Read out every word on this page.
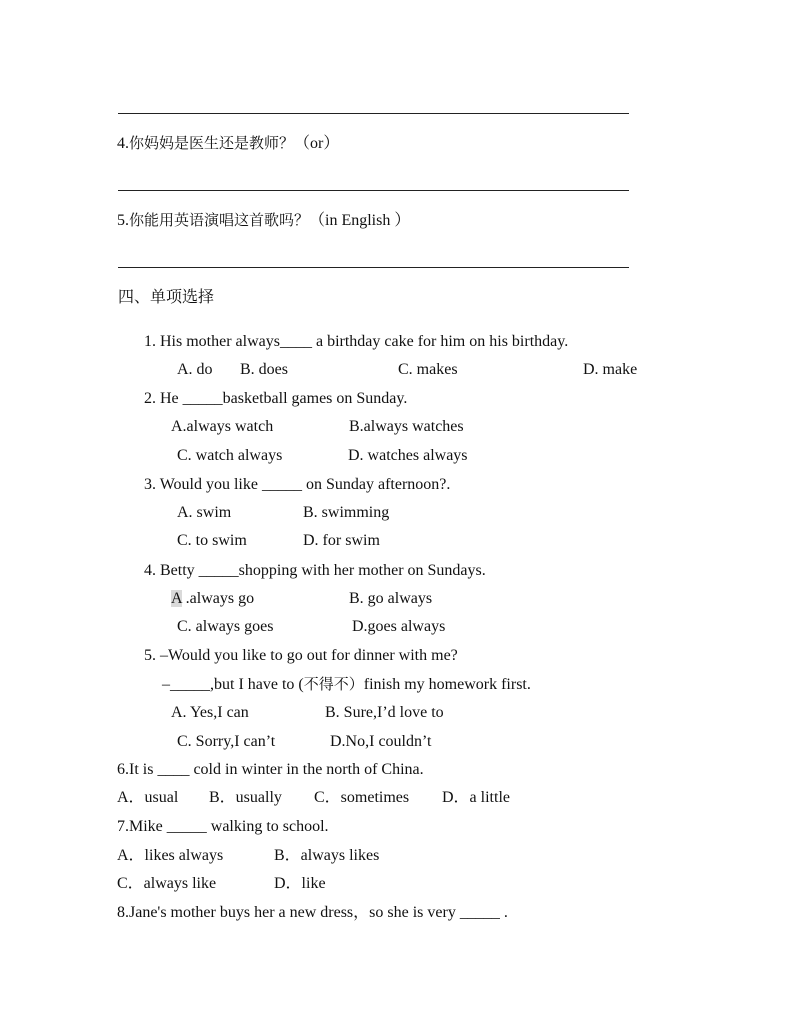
4.你妈妈是医生还是教师？（or）
5.你能用英语演唱这首歌吗？（in English ）
四、单项选择
1. His mother always____ a birthday cake for him on his birthday.
A. do B. does	C. makes	D. make
2. He _____basketball games on Sunday.
A.always watch	B.always watches
C. watch always	D. watches always
3. Would you like _____ on Sunday afternoon?.
A. swim	B. swimming
C. to swim	D. for swim
4. Betty _____shopping with her mother on Sundays.
A .always go	B. go always
C. always goes	D.goes always
5. –Would you like to go out for dinner with me?
–_____,but I have to (不得不）finish my homework first.
A. Yes,I can	B. Sure,I’d love to
C. Sorry,I can’t	D.No,I couldn’t
6.It is ____ cold in winter in the north of China.
A．usual B．usually C．sometimes D．a little
7.Mike _____ walking to school.
A．likes always	B．always likes
C．always like	D．like
8.Jane's mother buys her a new dress，so she is very _____ .
